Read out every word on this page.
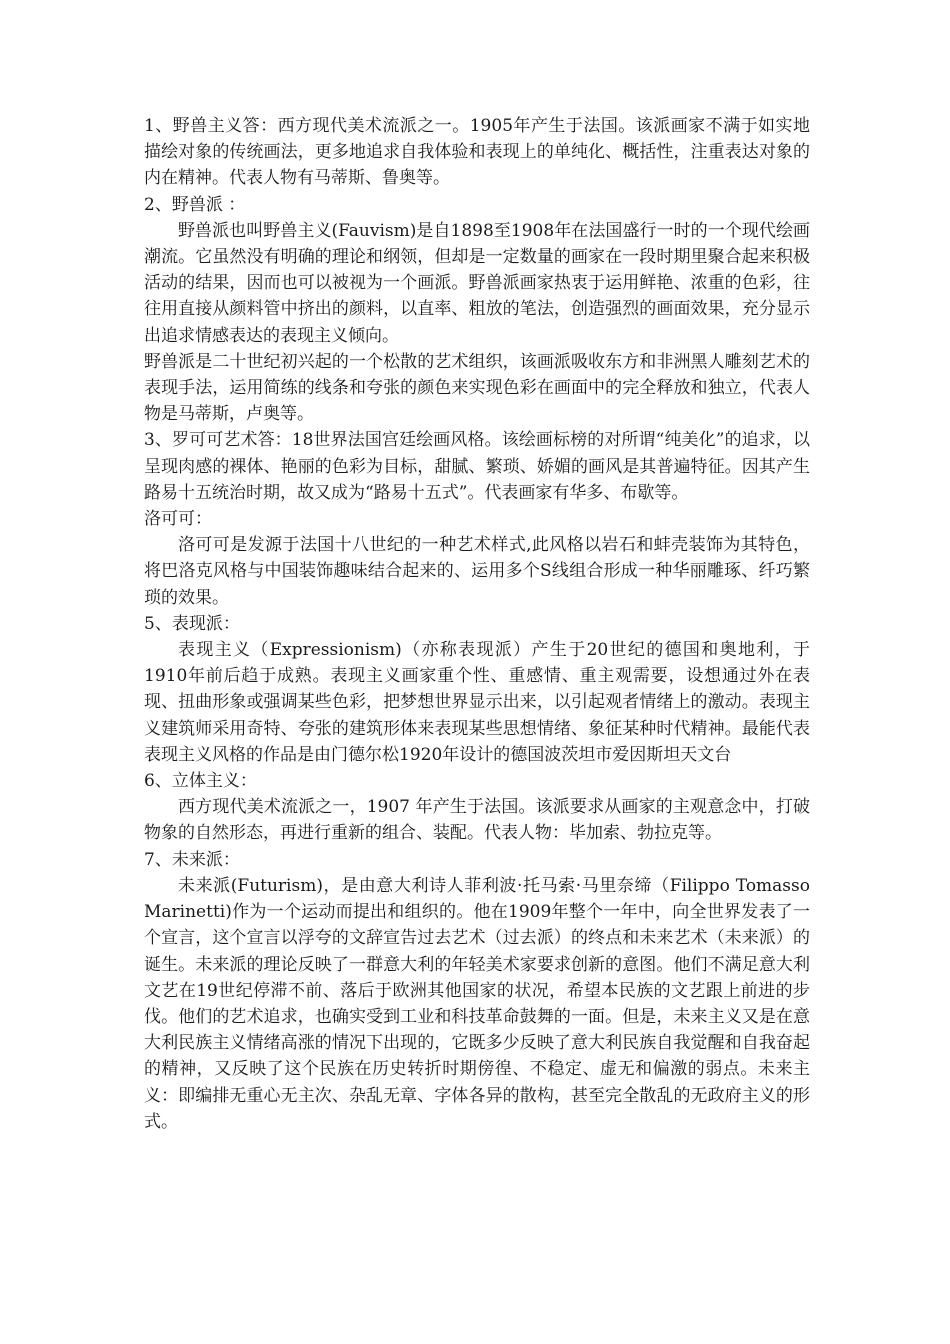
1、野兽主义答：西方现代美术流派之一。1905年产生于法国。该派画家不满于如实地描绘对象的传统画法，更多地追求自我体验和表现上的单纯化、概括性，注重表达对象的内在精神。代表人物有马蒂斯、鲁奥等。

2、野兽派 ：

野兽派也叫野兽主义(Fauvism)是自1898至1908年在法国盛行一时的一个现代绘画潮流。它虽然没有明确的理论和纲领，但却是一定数量的画家在一段时期里聚合起来积极活动的结果，因而也可以被视为一个画派。野兽派画家热衷于运用鲜艳、浓重的色彩，往往用直接从颜料管中挤出的颜料，以直率、粗放的笔法，创造强烈的画面效果，充分显示出追求情感表达的表现主义倾向。

野兽派是二十世纪初兴起的一个松散的艺术组织，该画派吸收东方和非洲黑人雕刻艺术的表现手法，运用简练的线条和夸张的颜色来实现色彩在画面中的完全释放和独立，代表人物是马蒂斯，卢奥等。

3、罗可可艺术答：18世界法国宫廷绘画风格。该绘画标榜的对所谓“纯美化”的追求，以呈现肉感的裸体、艳丽的色彩为目标，甜腻、繁琐、娇媚的画风是其普遍特征。因其产生路易十五统治时期，故又成为“路易十五式”。代表画家有华多、布歇等。

洛可可：

洛可可是发源于法国十八世纪的一种艺术样式,此风格以岩石和蚌壳装饰为其特色，将巴洛克风格与中国装饰趣味结合起来的、运用多个S线组合形成一种华丽雕琢、纤巧繁琐的效果。

5、表现派：

表现主义（Expressionism)（亦称表现派）产生于20世纪的德国和奥地利，于1910年前后趋于成熟。表现主义画家重个性、重感情、重主观需要，设想通过外在表现、扭曲形象或强调某些色彩，把梦想世界显示出来，以引起观者情绪上的激动。表现主义建筑师采用奇特、夸张的建筑形体来表现某些思想情绪、象征某种时代精神。最能代表表现主义风格的作品是由门德尔松1920年设计的德国波茨坦市爱因斯坦天文台

6、立体主义：

西方现代美术流派之一，1907 年产生于法国。该派要求从画家的主观意念中，打破物象的自然形态，再进行重新的组合、装配。代表人物：毕加索、勃拉克等。

7、未来派：

未来派(Futurism)，是由意大利诗人菲利波·托马索·马里奈缔（Filippo Tomasso Marinetti)作为一个运动而提出和组织的。他在1909年整个一年中，向全世界发表了一个宣言，这个宣言以浮夸的文辞宣告过去艺术（过去派）的终点和未来艺术（未来派）的诞生。未来派的理论反映了一群意大利的年轻美术家要求创新的意图。他们不满足意大利文艺在19世纪停滞不前、落后于欧洲其他国家的状况，希望本民族的文艺跟上前进的步伐。他们的艺术追求，也确实受到工业和科技革命鼓舞的一面。但是，未来主义又是在意大利民族主义情绪高涨的情况下出现的，它既多少反映了意大利民族自我觉醒和自我奋起的精神，又反映了这个民族在历史转折时期傍徨、不稳定、虚无和偏激的弱点。未来主义：即编排无重心无主次、杂乱无章、字体各异的散构，甚至完全散乱的无政府主义的形式。
